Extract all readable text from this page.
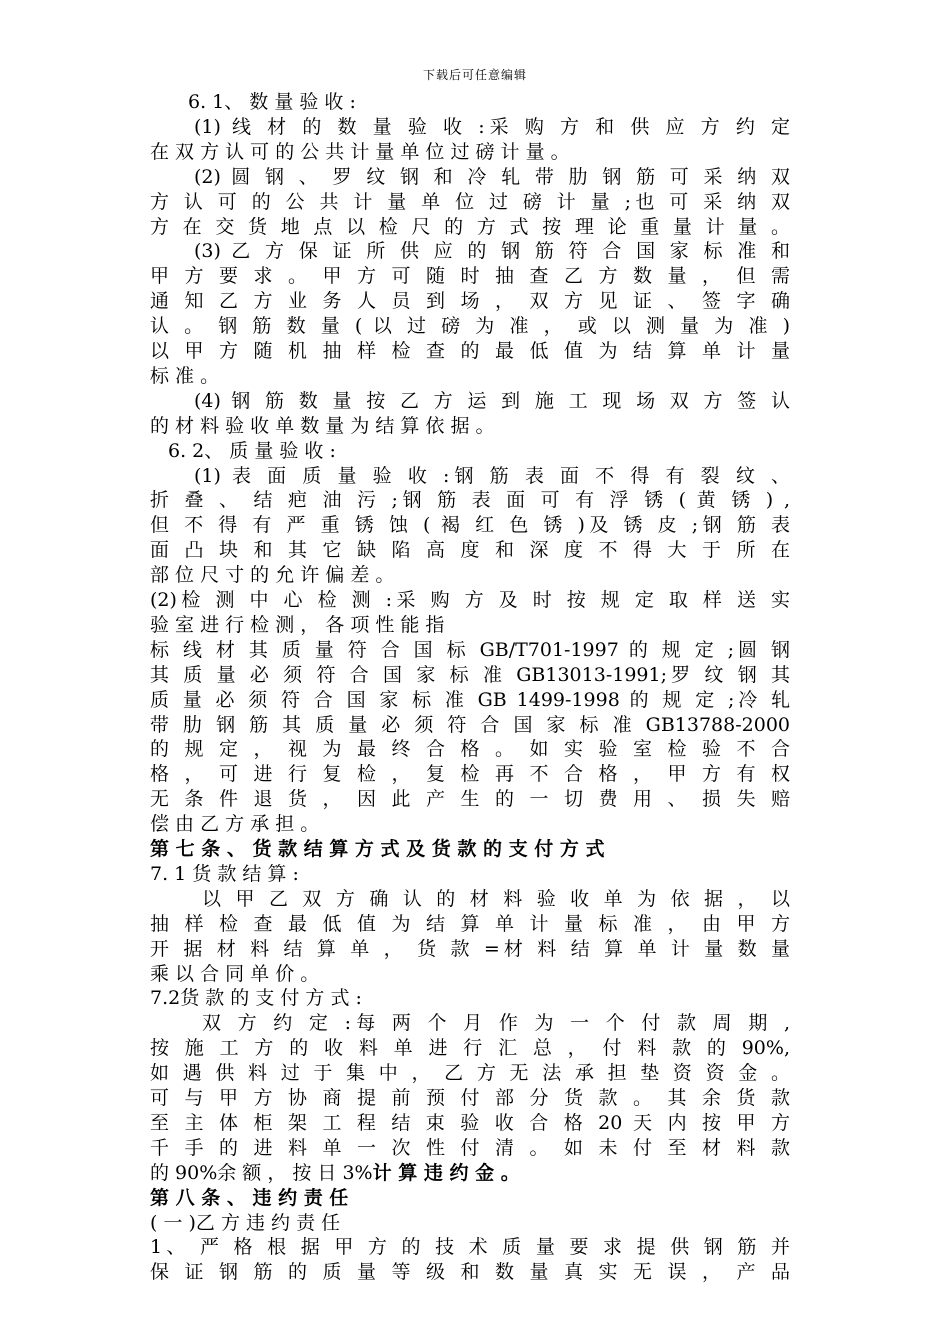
下载后可任意编辑
6. 1、 数 量 验 收 :
(1) 线 材 的 数 量 验 收 :采 购 方 和 供 应 方 约 定
在 双 方 认 可 的 公 共 计 量 单 位 过 磅 计 量 。
(2) 圆 钢 、 罗 纹 钢 和 冷 轧 带 肋 钢 筋 可 采 纳 双
方 认 可 的 公 共 计 量 单 位 过 磅 计 量 ;也 可 采 纳 双
方 在 交 货 地 点 以 检 尺 的 方 式 按 理 论 重 量 计 量 。
(3) 乙 方 保 证 所 供 应 的 钢 筋 符 合 国 家 标 准 和
甲 方 要 求 。 甲 方 可 随 时 抽 查 乙 方 数 量 ， 但 需
通 知 乙 方 业 务 人 员 到 场 ， 双 方 见 证 、 签 字 确
认 。 钢 筋 数 量 ( 以 过 磅 为 准 ， 或 以 测 量 为 准 )
以 甲 方 随 机 抽 样 检 查 的 最 低 值 为 结 算 单 计 量
标 准 。
(4) 钢 筋 数 量 按 乙 方 运 到 施 工 现 场 双 方 签 认
的 材 料 验 收 单 数 量 为 结 算 依 据 。
6. 2、 质 量 验 收 :
(1) 表 面 质 量 验 收 :钢 筋 表 面 不 得 有 裂 纹 、
折 叠 、 结 疤 油 污 ;钢 筋 表 面 可 有 浮 锈 ( 黄 锈 ) ,
但 不 得 有 严 重 锈 蚀 ( 褐 红 色 锈 )及 锈 皮 ;钢 筋 表
面 凸 块 和 其 它 缺 陷 高 度 和 深 度 不 得 大 于 所 在
部 位 尺 寸 的 允 许 偏 差 。
(2)检 测 中 心 检 测 :采 购 方 及 时 按 规 定 取 样 送 实
验 室 进 行 检 测 ， 各 项 性 能 指
标 线 材 其 质 量 符 合 国 标 GB/T701-1997 的 规 定 ;圆 钢
其 质 量 必 须 符 合 国 家 标 准 GB13013-1991;罗 纹 钢 其
质 量 必 须 符 合 国 家 标 准 GB 1499-1998 的 规 定 ;冷 轧
带 肋 钢 筋 其 质 量 必 须 符 合 国 家 标 准 GB13788-2000
的 规 定 ， 视 为 最 终 合 格 。 如 实 验 室 检 验 不 合
格 ， 可 进 行 复 检 ， 复 检 再 不 合 格 ， 甲 方 有 权
无 条 件 退 货 ， 因 此 产 生 的 一 切 费 用 、 损 失 赔
偿 由 乙 方 承 担 。
第 七 条 、 货 款 结 算 方 式 及 货 款 的 支 付 方 式
7. 1 货 款 结 算 :
以 甲 乙 双 方 确 认 的 材 料 验 收 单 为 依 据 ， 以
抽 样 检 查 最 低 值 为 结 算 单 计 量 标 准 ， 由 甲 方
开 据 材 料 结 算 单 ， 货 款 =材 料 结 算 单 计 量 数 量
乘 以 合 同 单 价 。
7.2货 款 的 支 付 方 式 :
双 方 约 定 :每 两 个 月 作 为 一 个 付 款 周 期 ,
按 施 工 方 的 收 料 单 进 行 汇 总 ， 付 料 款 的 90%,
如 遇 供 料 过 于 集 中 ， 乙 方 无 法 承 担 垫 资 资 金 。
可 与 甲 方 协 商 提 前 预 付 部 分 货 款 。 其 余 货 款
至 主 体 柜 架 工 程 结 束 验 收 合 格 20 天 内 按 甲 方
千 手 的 进 料 单 一 次 性 付 清 。 如 未 付 至 材 料 款
的 90%余 额 ， 按 日 3%计 算 违 约 金 。
第 八 条 、 违 约 责 任
( 一 )乙 方 违 约 责 任
1、 严 格 根 据 甲 方 的 技 术 质 量 要 求 提 供 钢 筋 并
保 证 钢 筋 的 质 量 等 级 和 数 量 真 实 无 误 ， 产 品
